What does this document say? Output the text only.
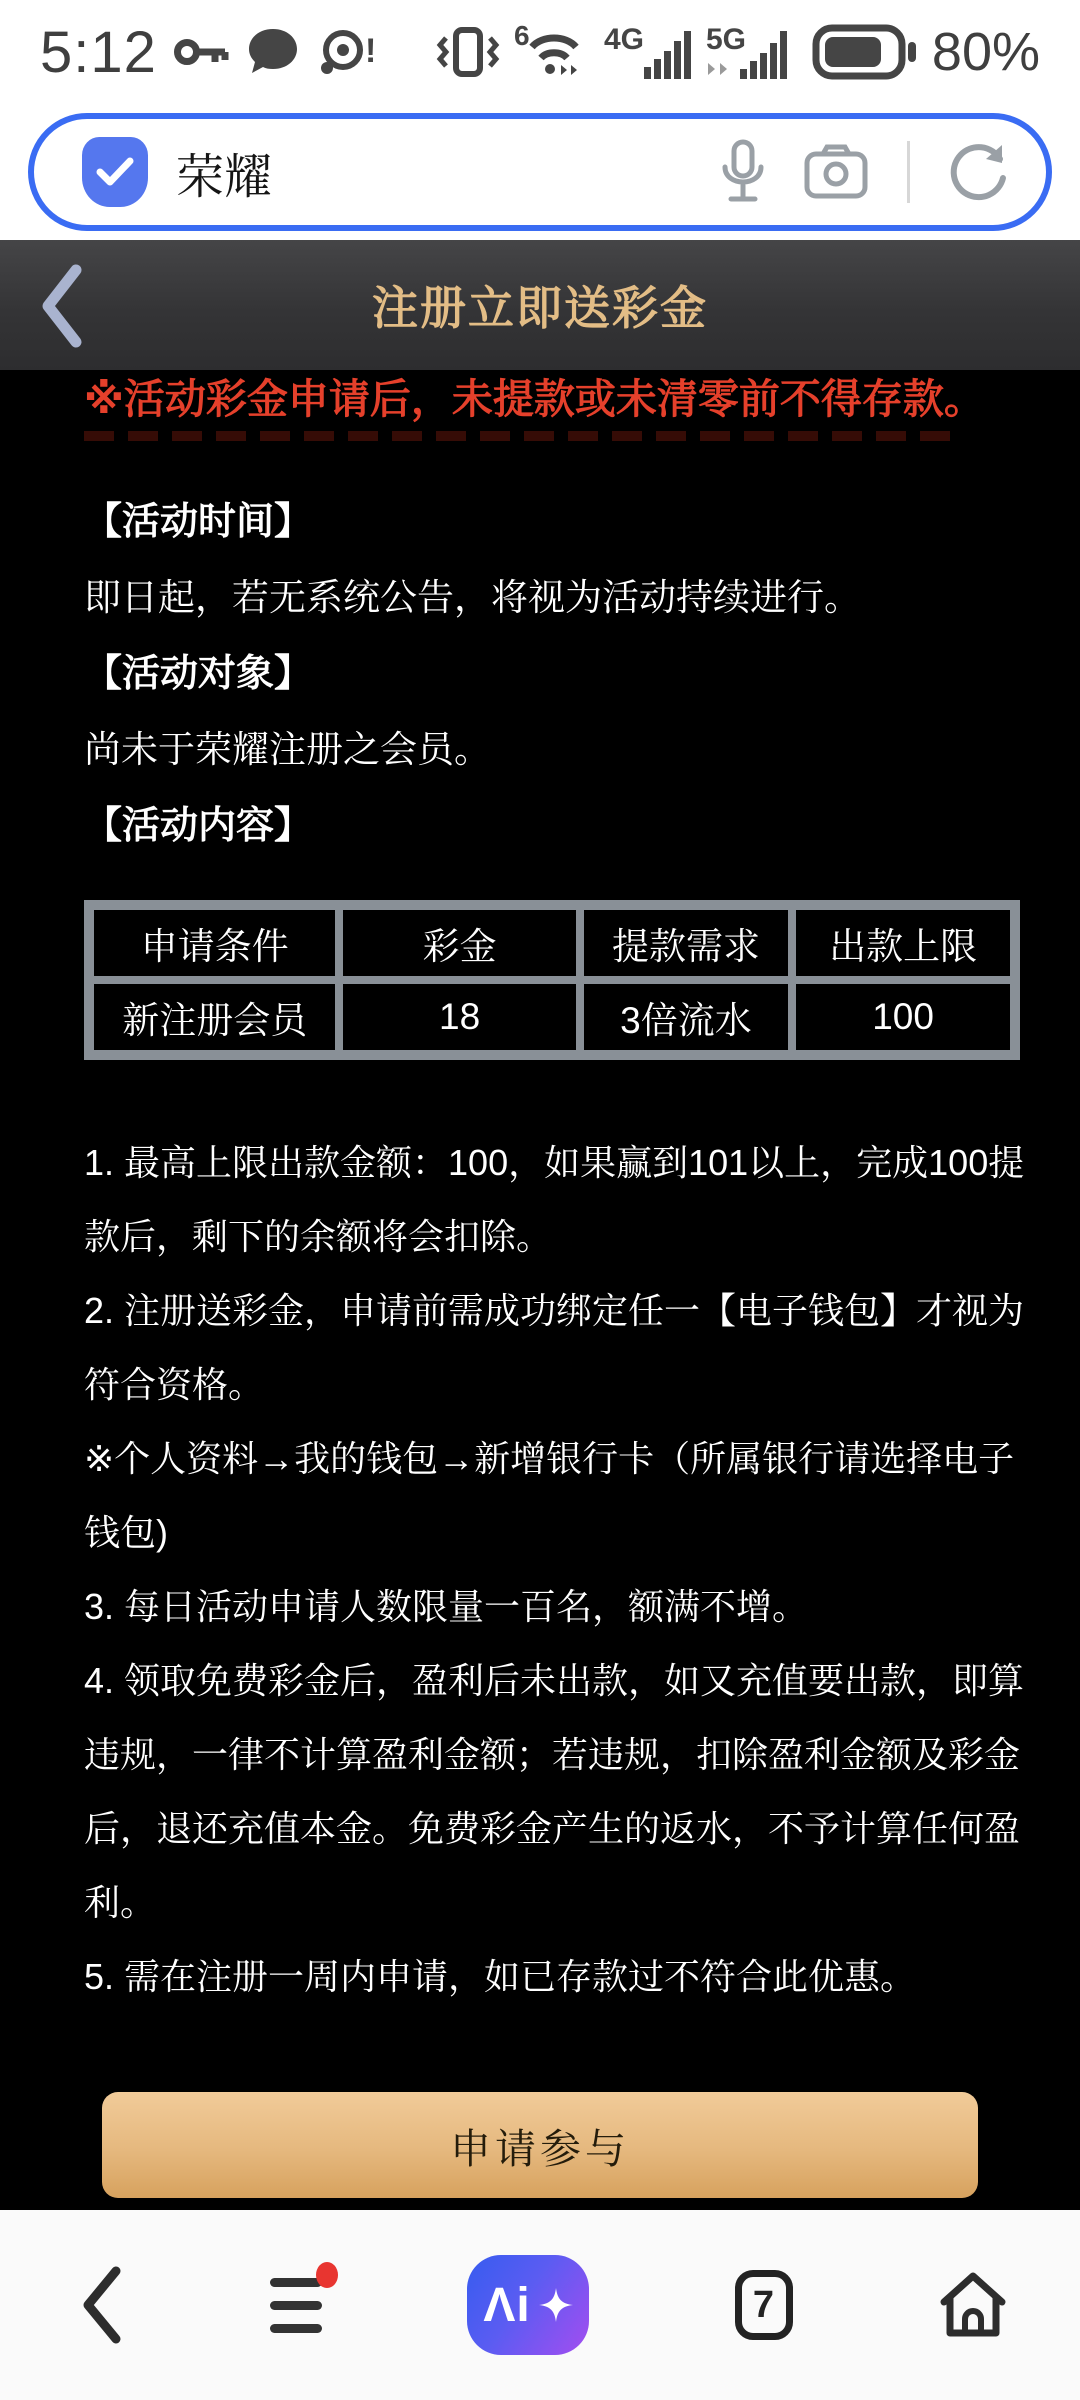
5:12	!	6 4G 5G	80%
荣耀
注册立即送彩金
※活动彩金申请后，未提款或未清零前不得存款。
【活动时间】
即日起，若无系统公告，将视为活动持续进行。
【活动对象】
尚未于荣耀注册之会员。
【活动内容】
申请条件	彩金	提款需求	出款上限
新注册会员	18	3倍流水	100
1. 最高上限出款金额：100，如果赢到101以上，完成100提
款后，剩下的余额将会扣除。
2. 注册送彩金，申请前需成功绑定任一【电子钱包】才视为
符合资格。
※个人资料→我的钱包→新增银行卡（所属银行请选择电子
钱包)
3. 每日活动申请人数限量一百名，额满不增。
4. 领取免费彩金后，盈利后未出款，如又充值要出款，即算
违规，一律不计算盈利金额；若违规，扣除盈利金额及彩金
后，退还充值本金。免费彩金产生的返水，不予计算任何盈
利。
5. 需在注册一周内申请，如已存款过不符合此优惠。
申请参与
Λi	7
